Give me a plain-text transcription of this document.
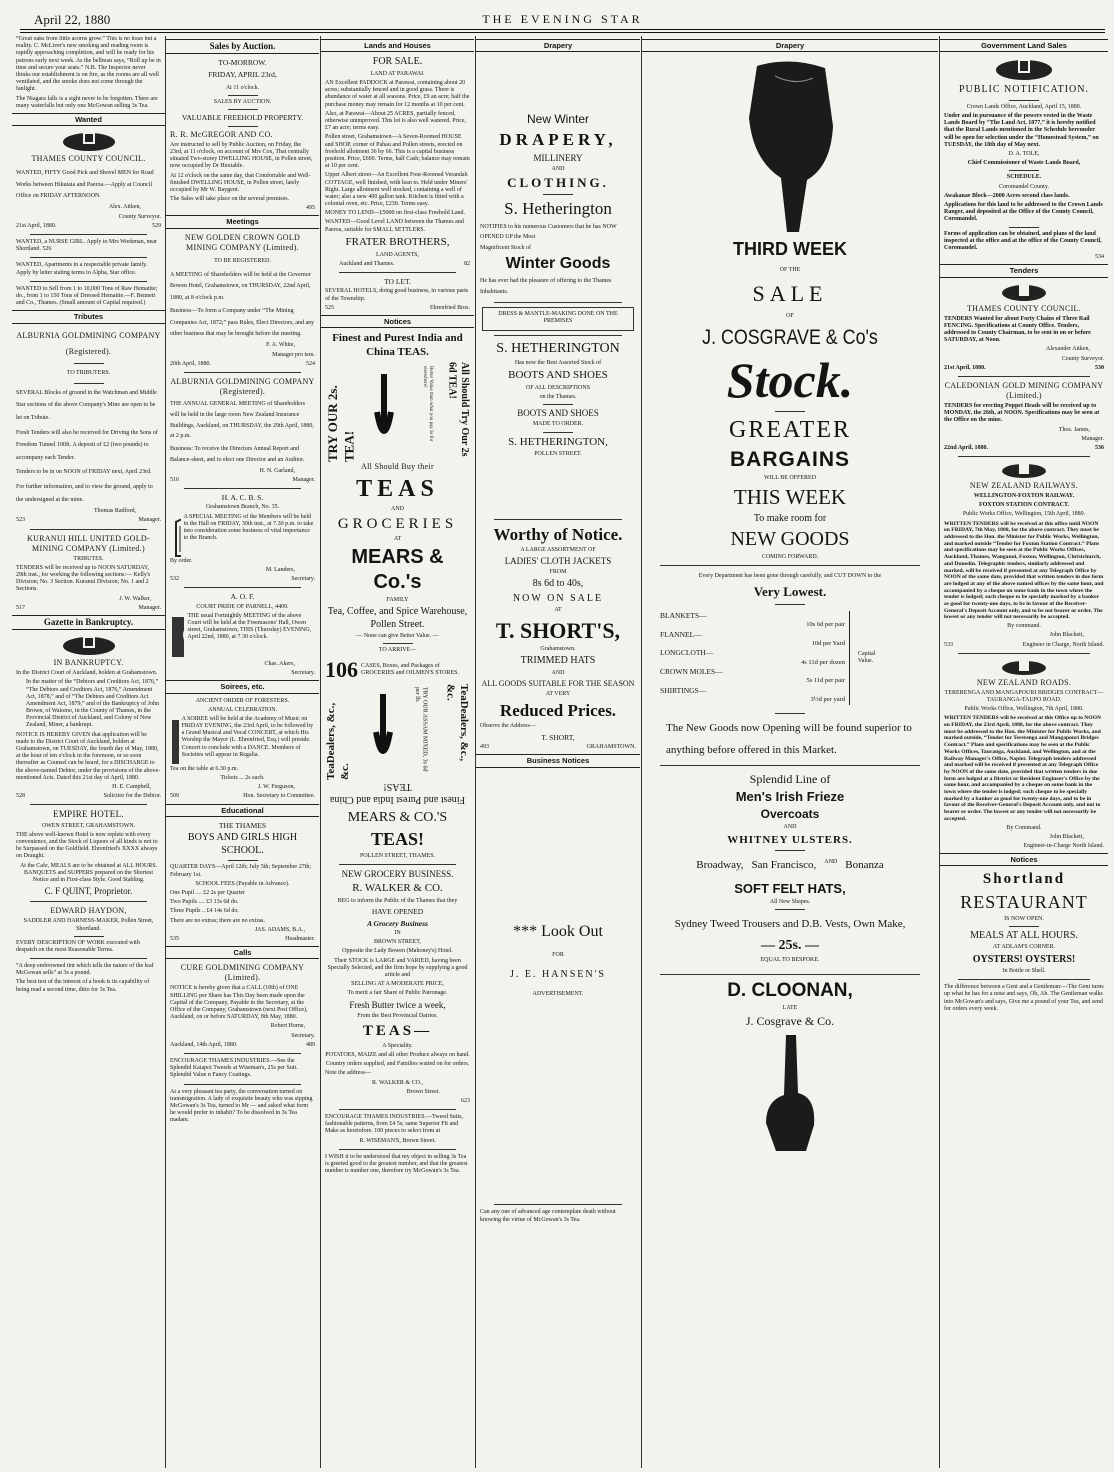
April 22, 1880	THE EVENING STAR

“Great oaks from little acorns grow.” This is no hoax but a reality. C. McLiver's new smoking and reading room is rapidly approaching completion, and will be ready for his patrons early next week. As the bellman says, “Roll up be in time and secure your seats.” N.B. The Inspector never thinks our establishment is on fire, as the rooms are all well ventilated, and the smoke does not come through the fanlight.

The Niagara falls is a sight never to be forgotten. There are many waterfalls but only one McGowan selling 3s Tea.

Wanted

THAMES COUNTY COUNCIL.

WANTED, FIFTY Good Pick and Shovel MEN for Road Works between Hikutaia and Paeroa.—Apply at Council Office on FRIDAY AFTERNOON.

Alex. Aitken,

County Surveyor.

21st April, 1880.	529

WANTED, a NURSE GIRL. Apply to Mrs Workman, near Shortland. 526

WANTED, Apartments in a respectable private family. Apply by letter stating terms to Alpha, Star office.

WANTED to Sell from 1 to 10,000 Tons of Raw Hematite; do., from 1 to 150 Tons of Dressed Hematite.—F. Bennett and Co., Thames. (Small amount of Capital required.)

Tributes

ALBURNIA GOLDMINING COMPANY (Registered).

TO TRIBUTERS.

SEVERAL Blocks of ground in the Watchman and Middle Star sections of the above Company's Mine are open to be let on Tribute.

Fresh Tenders will also be received for Driving the Sons of Freedom Tunnel 100ft. A deposit of £2 (two pounds) to accompany each Tender.

Tenders to be in on NOON of FRIDAY next, April 23rd.

For further information, and to view the ground, apply to the undersigned at the mine.

Thomas Radford,

523	Manager.

KURANUI HILL UNITED GOLD-MINING COMPANY (Limited.)

TRIBUTES.

TENDERS will be received up to NOON SATURDAY, 29th inst., for working the following sections:— Kelly's Division; No. 3 Section. Kuranui Division; No. 1 and 2 Sections.

J. W. Walker,

517	Manager.
Gazette in Bankruptcy.

IN BANKRUPTCY.

In the District Court of Auckland, holden at Grahamstown.

In the matter of the “Debtors and Creditors Act, 1876,” “The Debtors and Creditors Act, 1876,” Amendment Act, 1878,” and of “The Debtors and Creditors Act Amendment Act, 1879,” and of the Bankruptcy of John Brown, of Waiomo, in the County of Thames, in the Provincial District of Auckland, and Colony of New Zealand, Miner, a bankrupt.

NOTICE IS HEREBY GIVEN that application will be made to the District Court of Auckland, holden at Grahamstown, on TUESDAY, the fourth day of May, 1880, at the hour of ten o'clock in the forenoon, or so soon thereafter as Counsel can be heard, for a DISCHARGE to the above-named Debtor, under the provisions of the above-mentioned Acts. Dated this 21st day of April, 1880.

H. E. Campbell,

528	Solicitor for the Debtor.

EMPIRE HOTEL.

OWEN STREET, GRAHAMSTOWN.

THE above well-known Hotel is now replete with every convenience, and the Stock of Liquors of all kinds is not to be Surpassed on the Goldfield. Ehrenfried's XXXX always on Draught.

At the Cafe, MEALS are to be obtained at ALL HOURS. BANQUETS and SUPPERS prepared on the Shortest Notice and in First-class Style. Good Stabling.

C. F QUINT, Proprietor.

EDWARD HAYDON,

SADDLER AND HARNESS-MAKER, Pollen Street, Shortland.

EVERY DESCRIPTION OF WORK executed with despatch on the most Reasonable Terms.

“A deep embrowned tint which tells the nature of the leaf McGowan sells” at 3s a pound.

The best test of the interest of a book is its capability of being read a second time, ditto for 3s Tea.

Sales by Auction.

TO-MORROW.

FRIDAY, APRIL 23rd,

At 11 o'clock.

SALES BY AUCTION.

VALUABLE FREEHOLD PROPERTY.

R. R. McGREGOR AND CO.

Are instructed to sell by Public Auction, on Friday, the 23rd, at 11 o'clock, on account of Mrs Cox, That centrally situated Two-storey DWELLING HOUSE, in Pollen street, now occupied by Dr Huxtable.

At 12 o'clock on the same day, that Comfortable and Well-finished DWELLING HOUSE, in Pollen street, lately occupied by Mr W. Baygent.

The Sales will take place on the several premises.

495

Meetings

NEW GOLDEN CROWN GOLD MINING COMPANY (Limited).

TO BE REGISTERED.

A MEETING of Shareholders will be held at the Governor Bowen Hotel, Grahamstown, on THURSDAY, 22nd April, 1880, at 8 o'clock p.m.

Business—To form a Company under “The Mining Companies Act, 1872;” pass Rules, Elect Directors, and any other business that may be brought before the meeting.

F. A. White,

Manager pro tem.

20th April, 1880.	524

ALBURNIA GOLDMINING COMPANY (Registered).

THE ANNUAL GENERAL MEETING of Shareholders will be held in the large room New Zealand Insurance Buildings, Auckland, on THURSDAY, the 29th April, 1880, at 2 p.m.

Business: To receive the Directors Annual Report and Balance-sheet, and to elect one Director and an Auditor.

H. N. Garland,

516	Manager.

H. A. C. B. S.

Grahamstown Branch, No. 35.

A SPECIAL MEETING of the Members will be held in the Hall on FRIDAY, 30th inst., at 7.30 p.m. to take into consideration some business of vital importance to the Branch.

By order.

M. Landers,

532	Secretary.

A. O. F.

COURT PRIDE OF PARNELL, 4409.

THE usual Fortnightly MEETING of the above Court will be held at the Freemasons' Hall, Owen street, Grahamstown, THIS (Thursday) EVENING, April 22nd, 1880, at 7.30 o'clock.

Chas. Akers,

Secretary.

Soirees, etc.

ANCIENT ORDER OF FORESTERS.

ANNUAL CELEBRATION.

A SOIREE will be held at the Academy of Music on FRIDAY EVENING, the 23rd April, to be followed by a Grand Musical and Vocal CONCERT, at which His Worship the Mayor (L. Ehrenfried, Esq.) will preside. Concert to conclude with a DANCE. Members of Societies will appear in Regalia.

Tea on the table at 6.30 p.m.

Tickets ... 2s each.

J. W. Ferguson,

509	Hon. Secretary to Committee.
Educational

THE THAMES

BOYS AND GIRLS HIGH SCHOOL.

QUARTER DAYS—April 12th; July 5th; September 27th; February 1st.

SCHOOL FEES (Payable in Advance).

One Pupil .... £2 2s per Quarter

Two Pupils .... £3 13s 6d do.

Three Pupils .. £4 14s 6d do.

There are no extras; there are no extras.

JAS. ADAMS, B.A.,

535	Headmaster.
Calls

CURE GOLDMINING COMPANY (Limited).

NOTICE is hereby given that a CALL (10th) of ONE SHILLING per Share has This Day been made upon the Capital of the Company, Payable to the Secretary, at the Office of the Company, Grahamstown (next Post Office), Auckland, on or before SATURDAY, 8th May, 1880.

Robert Horne,

Secretary.

Auckland, 14th April, 1880.	489

ENCOURAGE THAMES INDUSTRIES.—See the Splendid Kaiapoi Tweeds at Wiseman's, 25s per Suit. Splendid Value n Fancy Coatings.

At a very pleasant tea party, the conversation turned on transmigration. A lady of exquisite beauty who was sipping McGowan's 3s Tea, turned to Mr — and asked what form he would prefer to inhabit? To be dissolved in 3s Tea madam.

Lands and Houses

FOR SALE.

LAND AT PARAWAI.

AN Excellent PADDOCK at Parawai, containing about 20 acres; substantially fenced and in good grass. There is abundance of water at all seasons. Price, £9 an acre; half the purchase money may remain for 12 months at 10 per cent.

Also, at Parawai—About 25 ACRES, partially fenced, otherwise unimproved. This lot is also well watered. Price, £7 an acre; terms easy.

Pollen street, Grahamstown—A Seven-Roomed HOUSE and SHOP, corner of Pahau and Pollen streets, erected on freehold allotment 36 by 66. This is a capital business position. Price, £600. Terms, half Cash; balance may remain at 10 per cent.

Upper Albert street—An Excellent Four-Roomed Verandah COTTAGE, well finished, with lean to. Held under Miners' Right. Large allotment well stocked, containing a well of water; also a new 400 gallon tank. Kitchen is fitted with a colonial oven, etc. Price, £230. Terms easy.

MONEY TO LEND—£5000 on first-class Freehold Land.

WANTED—Good Level LAND between the Thames and Paeroa, suitable for SMALL SETTLERS.

FRATER BROTHERS,

LAND AGENTS,

Auckland and Thames.	82

TO LET.

SEVERAL HOTELS, doing good business, in various parts of the Township.

525	Ehrenfried Bros.
Notices

Finest and Purest India and China TEAS.

TRY OUR 2s. TEA!
Better Value than what you pay 3s for elsewhere!	All Should Try Our 2s 6d TEA!

All Should Buy their

TEAS

AND

GROCERIES

AT

MEARS & Co.'s

FAMILY

Tea, Coffee, and Spice Warehouse, Pollen Street.

— None can give Better Value. —

TO ARRIVE—

106 CASES, Boxes, and Packages of GROCERIES and OILMEN'S STORES.
TeaDealers, &c., &c.
TRY OUR ASSAM MIXED, 3s 6d per lb.	TeaDealers, &c., &c.

Finest and Purest India and China TEAS!

MEARS & CO.'S

TEAS!

POLLEN STREET, THAMES.

NEW GROCERY BUSINESS.

R. WALKER & CO.

BEG to inform the Public of the Thames that they

HAVE OPENED

A Grocery Business

IN

BROWN STREET,

Opposite the Lady Bowen (Mahoney's) Hotel.

Their STOCK is LARGE and VARIED, having been Specially Selected, and the firm hope by supplying a good article and

SELLING AT A MODERATE PRICE,

To merit a fair Share of Public Patronage.

Fresh Butter twice a week,

From the Best Provincial Dairies.

TEAS—

A Speciality.

POTATOES, MAIZE and all other Produce always on hand.

Country orders supplied, and Families waited on for orders.

Note the address—

R. WALKER & CO.,

Brown Street.

623

ENCOURAGE THAMES INDUSTRIES.—Tweed Suits, fashionable patterns, from £4 5s; same Superior Fit and Make as heretofore. 100 pieces to select from at

R. WISEMAN'S, Brown Street.

I WISH it to be understood that my object in selling 3s Tea is greeted good to the greatest number, and that the greatest number is number one, therefore try McGowan's 3s Tea.

Drapery

New Winter

DRAPERY,

MILLINERY

AND

CLOTHING.

S. Hetherington

NOTIFIES to his numerous Customers that he has NOW OPENED UP the Most

Magnificent Stock of

Winter Goods

He has ever had the pleasure of offering to the Thames Inhabitants.

DRESS & MANTLE-MAKING DONE ON THE PREMISES

S. HETHERINGTON

Has now the Best Assorted Stock of

BOOTS AND SHOES

OF ALL DESCRIPTIONS

on the Thames.

BOOTS AND SHOES

MADE TO ORDER.

S. HETHERINGTON,

POLLEN STREET.

Worthy of Notice.

A LARGE ASSORTMENT OF

LADIES' CLOTH JACKETS

FROM

8s 6d to 40s,

NOW ON SALE

AT

T. SHORT'S,

Grahamstown.

TRIMMED HATS

AND

ALL GOODS SUITABLE FOR THE SEASON

AT VERY

Reduced Prices.

Observe the Address—

T. SHORT,

493	GRAHAMSTOWN.
Business Notices

*** Look Out

FOR

J. E. HANSEN'S

ADVERTISEMENT.

Can any one of advanced age contemplate death without knowing the virtue of McGowan's 3s Tea.

Drapery

THIRD WEEK

OF THE

SALE

OF

J. COSGRAVE & Co's

Stock.

GREATER

BARGAINS

WILL BE OFFERED

THIS WEEK

To make room for

NEW GOODS

COMING FORWARD.

Every Department has been gone through carefully, and CUT DOWN to the

Very Lowest.

BLANKETS—
10s 6d per pair
FLANNEL—
10d per Yard
LONGCLOTH—
4s 11d per dozen
CROWN MOLES—
5s 11d per pair
SHIRTINGS—
3½d per yard
Capital Value.

The New Goods now Opening will be found superior to anything before offered in this Market.

Splendid Line of

Men's Irish Frieze

Overcoats

AND

WHITNEY ULSTERS.

Broadway, San Francisco, AND Bonanza

SOFT FELT HATS,

All New Shapes.

Sydney Tweed Trousers and D.B. Vests, Own Make,

— 25s. —

EQUAL TO BESPOKE.

D. CLOONAN,

LATE

J. Cosgrave & Co.

Government Land Sales

PUBLIC NOTIFICATION.

Crown Lands Office, Auckland, April 15, 1880.

Under and in pursuance of the powers vested in the Waste Lands Board by “The Land Act, 1877,” it is hereby notified that the Rural Lands mentioned in the Schedule hereunder will be open for selection under the “Homestead System,” on TUESDAY, the 18th day of May next.

D. A. TOLE,

Chief Commissioner of Waste Lands Board,

SCHEDULE.

Coromandel County.

Awakanae Block—2000 Acres second class lands.

Applications for this land to be addressed to the Crown Lands Ranger, and deposited at the Office of the County Council, Coromandel.

Forms of application can be obtained, and plans of the land inspected at the office and at the office of the County Council, Coromandel.

534

Tenders

THAMES COUNTY COUNCIL.

TENDERS Wanted for about Forty Chains of Three Rail FENCING. Specifications at County Office. Tenders, addressed to County Chairman, to be sent in on or before SATURDAY, at Noon.

Alexander Aitken,

County Surveyor.

21st April, 1880.	530

CALEDONIAN GOLD MINING COMPANY (Limited.)

TENDERS for erecting Poppet Heads will be received up to MONDAY, the 26th, at NOON. Specifications may be seen at the Office on the mine.

Thos. James,

Manager.

22nd April, 1880.	536

NEW ZEALAND RAILWAYS.

WELLINGTON-FOXTON RAILWAY.

FOXTON STATION CONTRACT.

Public Works Office, Wellington, 15th April, 1880.

WRITTEN TENDERS will be received at this office until NOON on FRIDAY, 7th May, 1880, for the above contract. They must be addressed to the Hon. the Minister for Public Works, Wellington, and marked outside “Tender for Foxton Station Contract.” Plans and specifications may be seen at the Public Works Offices, Auckland, Thames, Wanganui, Foxton, Wellington, Christchurch, and Dunedin. Telegraphic tenders, similarly addressed and marked, will be received if presented at any Telegraph Office by NOON of the same date, provided that written tenders in due form are lodged at any of the above named offices by the same hour, and accompanied by a cheque on some bank in the town where the tender is lodged; such cheque to be specially marked by a banker as good for twenty-one days, to be in favour of the Receiver-General's Deposit Account only, and to be not bearer or order. The lowest or any tender will not necessarily be accepted.

By command.

John Blackett,

533	Engineer in Charge, North Island.

NEW ZEALAND ROADS.

TERERENGA AND MANGAPOURI BRIDGES CONTRACT—TAURANGA-TAUPO ROAD.

Public Works Office, Wellington, 7th April, 1880.

WRITTEN TENDERS will be received at this Office up to NOON on FRIDAY, the 23rd April, 1880, for the above contract. They must be addressed to the Hon. the Minister for Public Works, and marked outside, “Tender for Tererenga and Mangapouri Bridges Contract.” Plans and specifications may be seen at the Public Works Offices, Tauranga, Auckland, and Wellington, and at the Railway Manager's Office, Napier. Telegraph tenders addressed and marked will be received if presented at any Telegraph Office by NOON of the same date, provided that written tenders in due form are lodged at a District or Resident Engineer's Office by the same hour, and accompanied by a cheque on some bank in the town where the tender is lodged; such cheque to be specially marked by a banker as good for twenty-one days, and to be in favour of the Receiver-General's Deposit Account only, and not to bearer or order. The lowest or any tender will not necessarily be accepted.

By Command.

John Blackett,

Engineer-in-Charge North Island.

Notices

Shortland

RESTAURANT

IS NOW OPEN.

MEALS AT ALL HOURS.

AT ADLAM'S CORNER.

OYSTERS! OYSTERS!

In Bottle or Shell.

The difference between a Gent and a Gentleman:—The Gent turns up what he has for a nose and says, Oh, Ah. The Gentleman walks into McGowan's and says, Give me a pound of your Tea, and send for orders every week.
